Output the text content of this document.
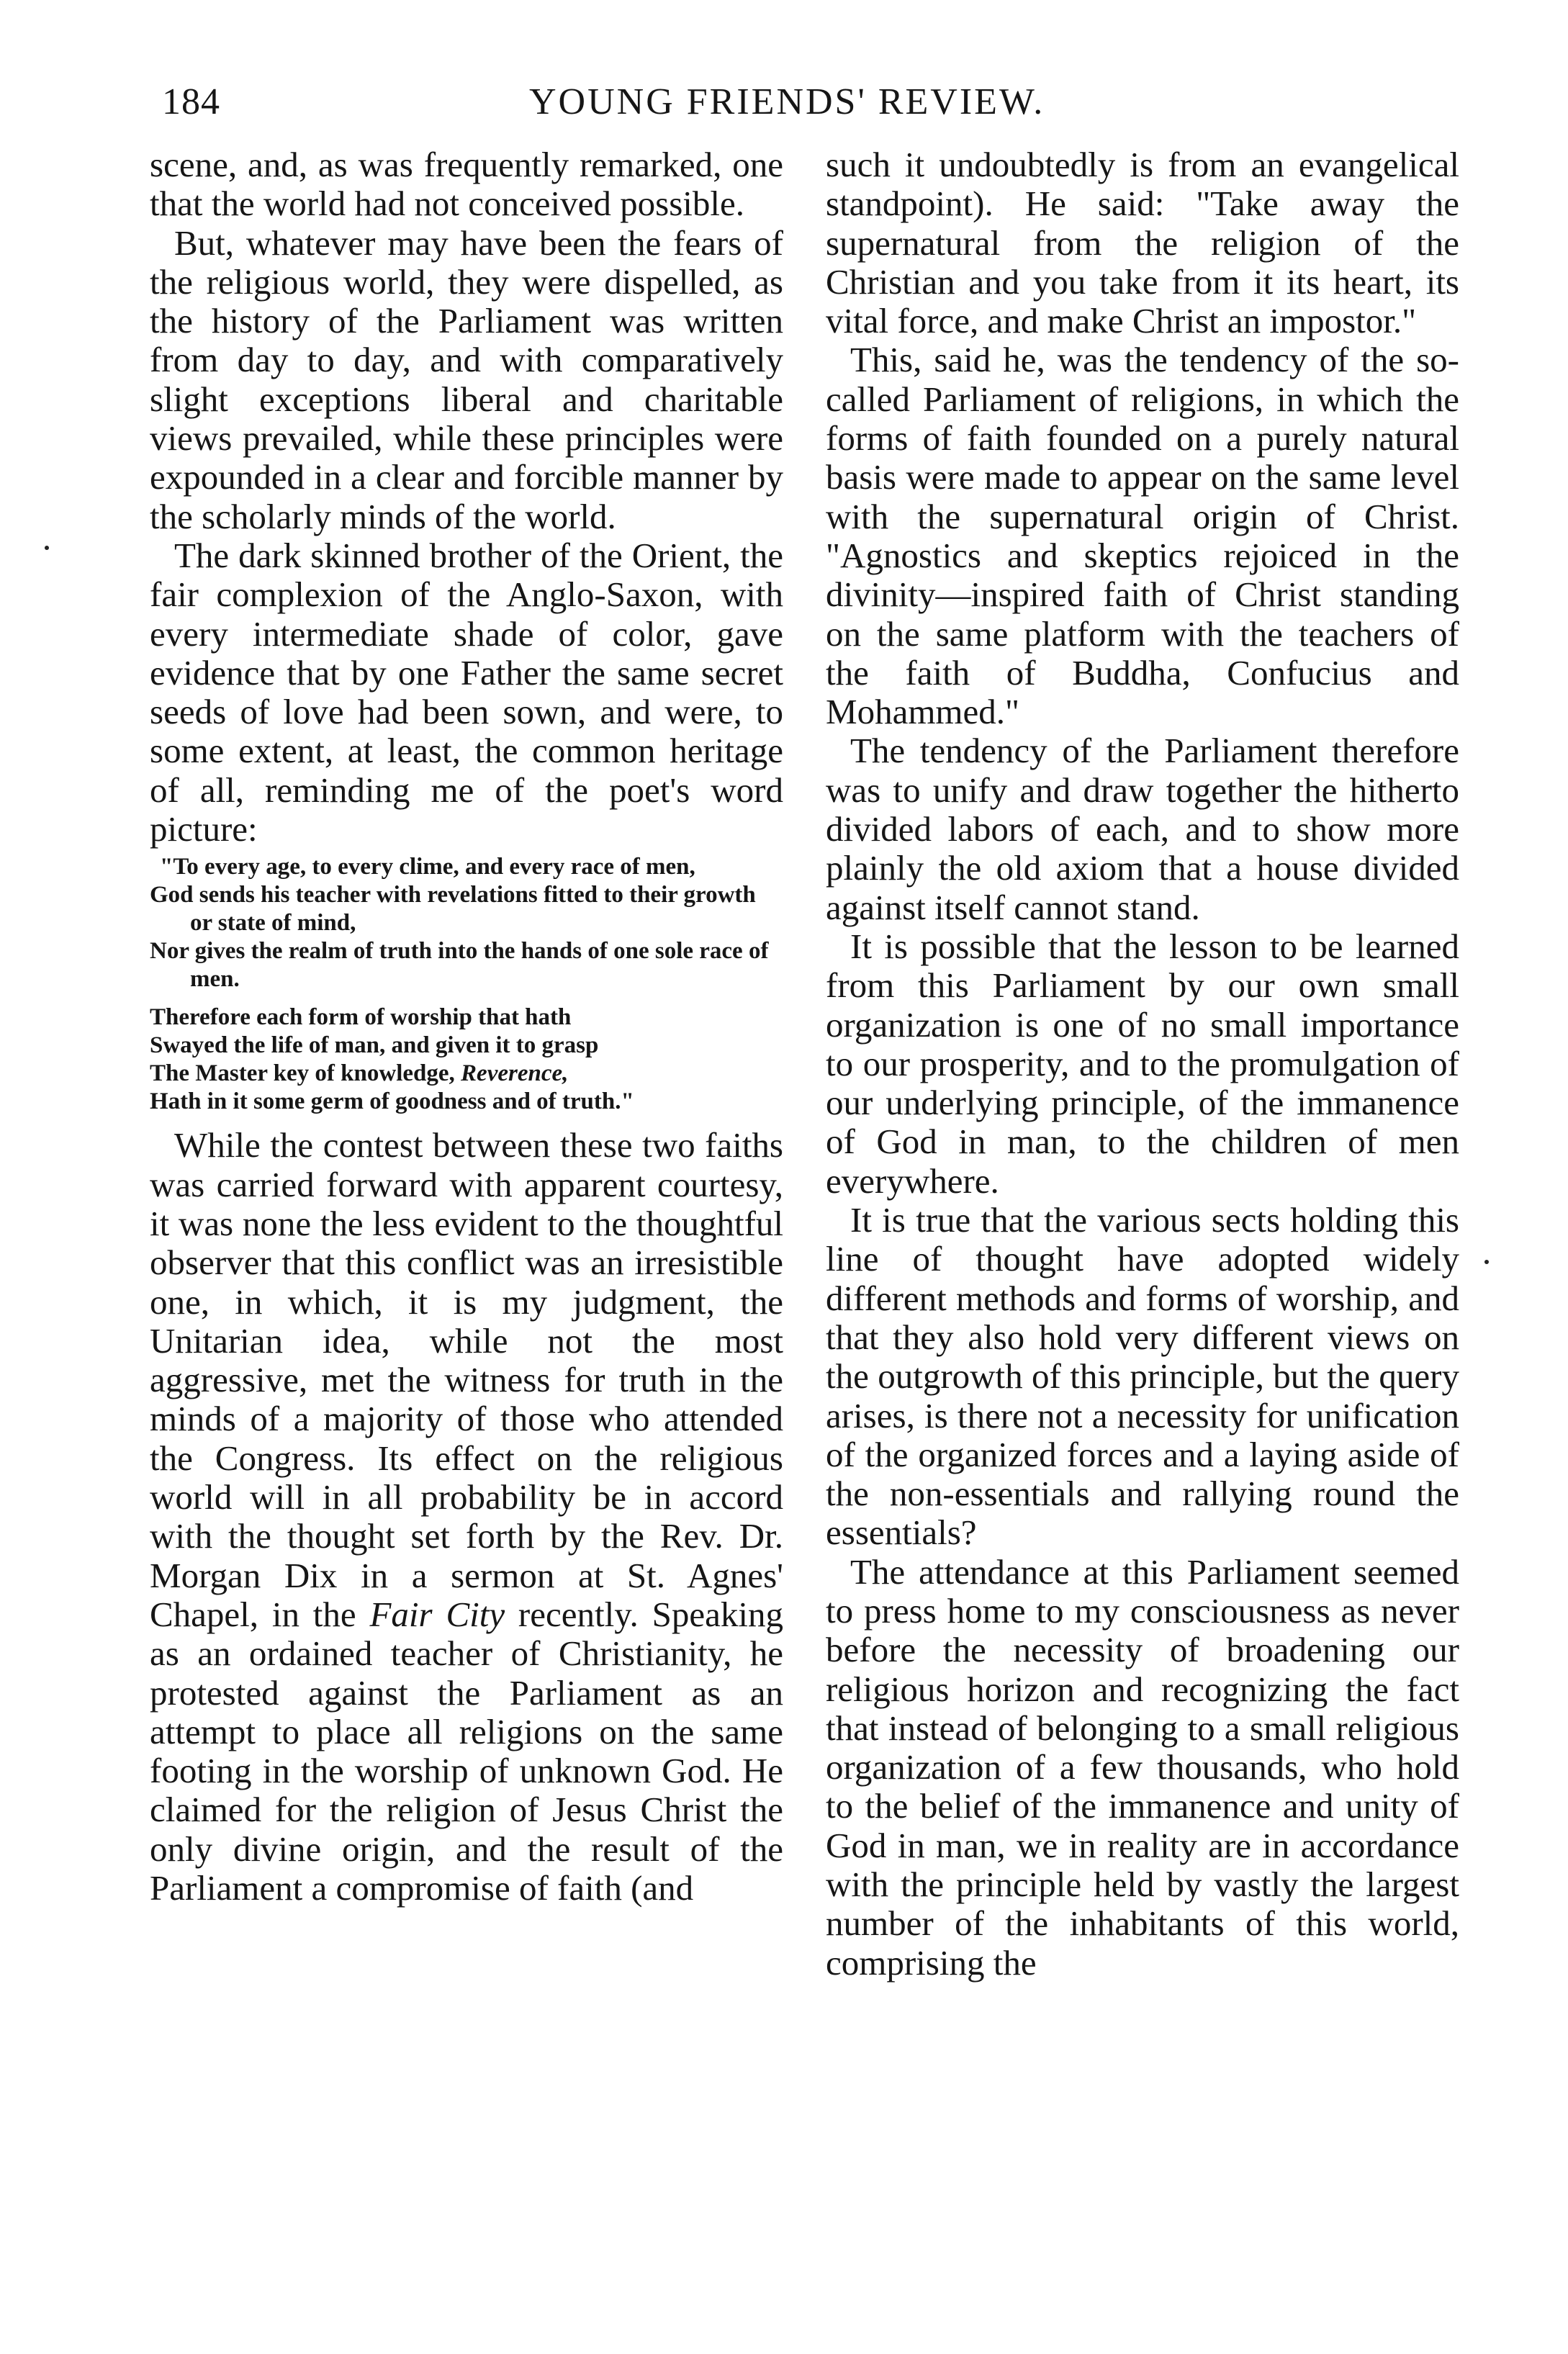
184	YOUNG FRIENDS' REVIEW.

scene, and, as was frequently remarked, one that the world had not conceived possible.

But, whatever may have been the fears of the religious world, they were dispelled, as the history of the Parliament was written from day to day, and with comparatively slight exceptions liberal and charitable views prevailed, while these principles were expounded in a clear and forcible manner by the scholarly minds of the world.

The dark skinned brother of the Orient, the fair complexion of the Anglo-Saxon, with every intermediate shade of color, gave evidence that by one Father the same secret seeds of love had been sown, and were, to some extent, at least, the common heritage of all, reminding me of the poet's word picture:

"To every age, to every clime, and every race of men,
God sends his teacher with revelations fitted to their growth or state of mind,
Nor gives the realm of truth into the hands of one sole race of men.
Therefore each form of worship that hath
Swayed the life of man, and given it to grasp
The Master key of knowledge, Reverence,
Hath in it some germ of goodness and of truth."

While the contest between these two faiths was carried forward with apparent courtesy, it was none the less evident to the thoughtful observer that this conflict was an irresistible one, in which, it is my judgment, the Unitarian idea, while not the most aggressive, met the witness for truth in the minds of a majority of those who attended the Congress. Its effect on the religious world will in all probability be in accord with the thought set forth by the Rev. Dr. Morgan Dix in a sermon at St. Agnes' Chapel, in the Fair City recently. Speaking as an ordained teacher of Christianity, he protested against the Parliament as an attempt to place all religions on the same footing in the worship of unknown God. He claimed for the religion of Jesus Christ the only divine origin, and the result of the Parliament a compromise of faith (and

such it undoubtedly is from an evangelical standpoint). He said: "Take away the supernatural from the religion of the Christian and you take from it its heart, its vital force, and make Christ an impostor."

This, said he, was the tendency of the so-called Parliament of religions, in which the forms of faith founded on a purely natural basis were made to appear on the same level with the supernatural origin of Christ. "Agnostics and skeptics rejoiced in the divinity—inspired faith of Christ standing on the same platform with the teachers of the faith of Buddha, Confucius and Mohammed."

The tendency of the Parliament therefore was to unify and draw together the hitherto divided labors of each, and to show more plainly the old axiom that a house divided against itself cannot stand.

It is possible that the lesson to be learned from this Parliament by our own small organization is one of no small importance to our prosperity, and to the promulgation of our underlying principle, of the immanence of God in man, to the children of men everywhere.

It is true that the various sects holding this line of thought have adopted widely different methods and forms of worship, and that they also hold very different views on the outgrowth of this principle, but the query arises, is there not a necessity for unification of the organized forces and a laying aside of the non-essentials and rallying round the essentials?

The attendance at this Parliament seemed to press home to my consciousness as never before the necessity of broadening our religious horizon and recognizing the fact that instead of belonging to a small religious organization of a few thousands, who hold to the belief of the immanence and unity of God in man, we in reality are in accordance with the principle held by vastly the largest number of the inhabitants of this world, comprising the
